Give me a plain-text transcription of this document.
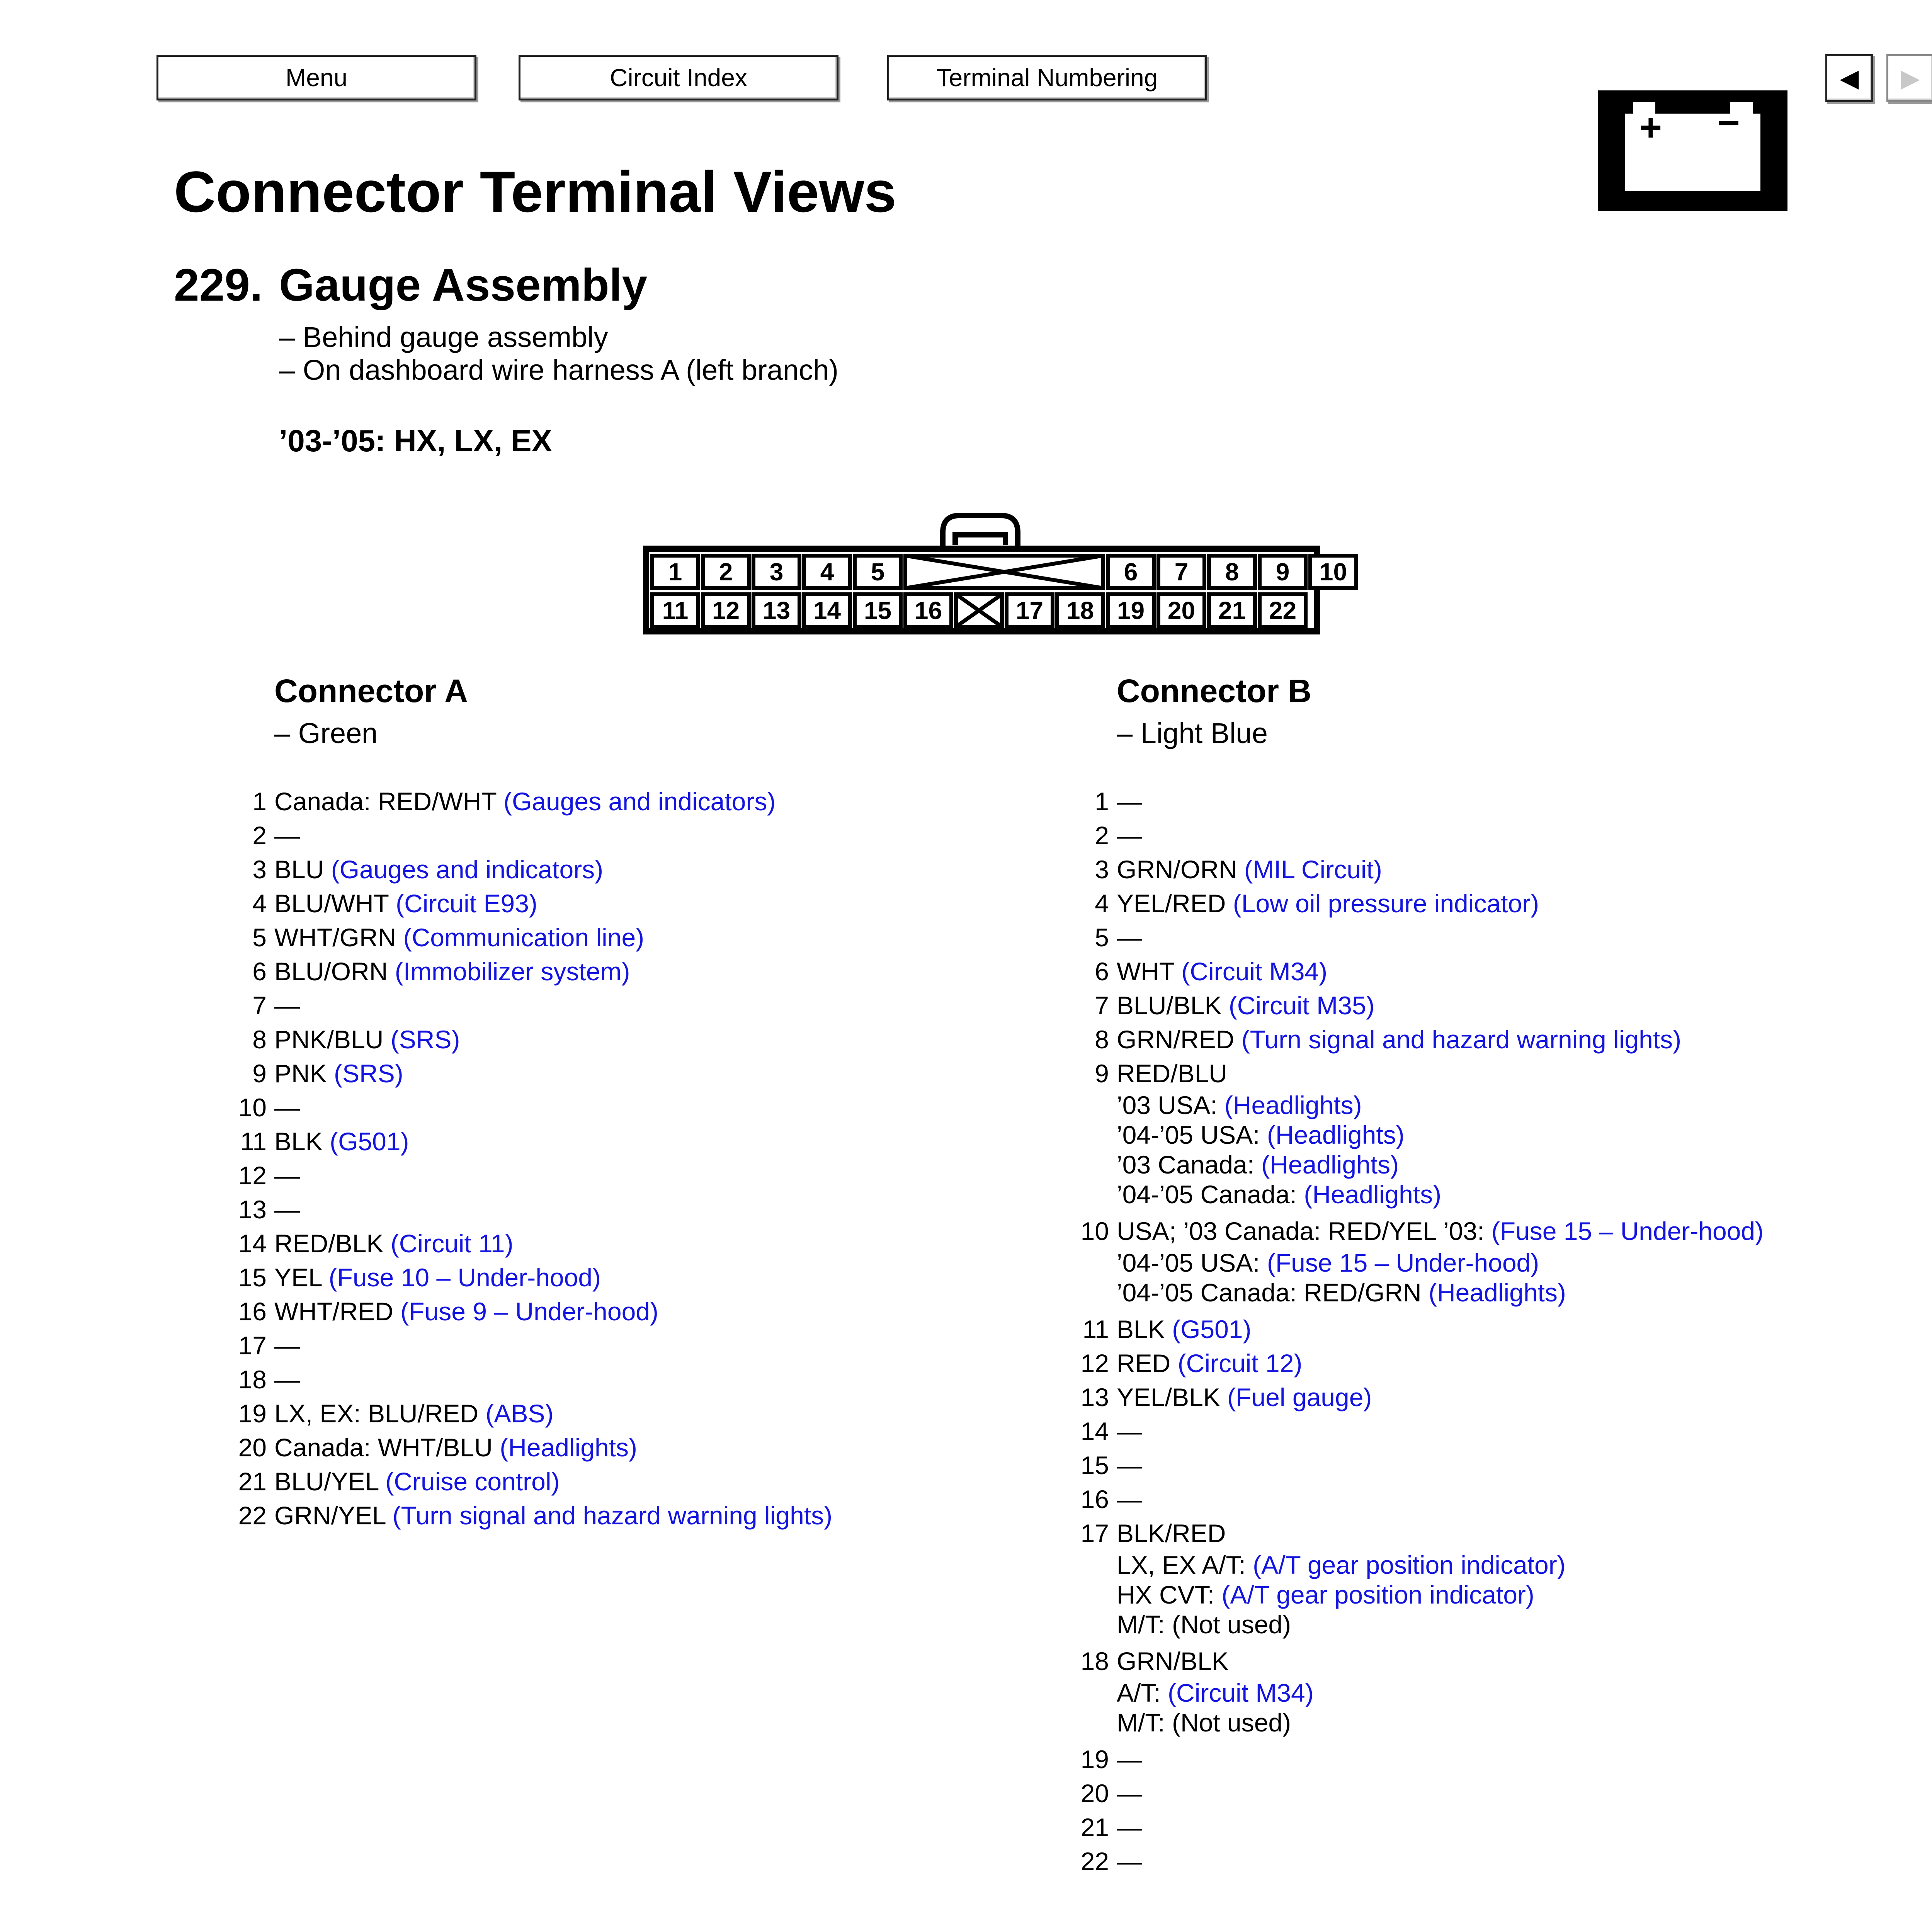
Menu	Circuit Index	Terminal Numbering	◀ ▶
+ −
Connector Terminal Views
229. Gauge Assembly
– Behind gauge assembly
– On dashboard wire harness A (left branch)
’03-’05: HX, LX, EX
1 2 3 4 5	6 7 8 9 10
11 12 13 14 15 16	17 18 19 20 21 22
Connector A
– Green
1 Canada: RED/WHT (Gauges and indicators)
2 —
3 BLU (Gauges and indicators)
4 BLU/WHT (Circuit E93)
5 WHT/GRN (Communication line)
6 BLU/ORN (Immobilizer system)
7 —
8 PNK/BLU (SRS)
9 PNK (SRS)
10 —
11 BLK (G501)
12 —
13 —
14 RED/BLK (Circuit 11)
15 YEL (Fuse 10 – Under-hood)
16 WHT/RED (Fuse 9 – Under-hood)
17 —
18 —
19 LX, EX: BLU/RED (ABS)
20 Canada: WHT/BLU (Headlights)
21 BLU/YEL (Cruise control)
22 GRN/YEL (Turn signal and hazard warning lights)
Connector B
– Light Blue
1 —
2 —
3 GRN/ORN (MIL Circuit)
4 YEL/RED (Low oil pressure indicator)
5 —
6 WHT (Circuit M34)
7 BLU/BLK (Circuit M35)
8 GRN/RED (Turn signal and hazard warning lights)
9 RED/BLU
’03 USA: (Headlights)
’04-’05 USA: (Headlights)
’03 Canada: (Headlights)
’04-’05 Canada: (Headlights)
10 USA; ’03 Canada: RED/YEL ’03: (Fuse 15 – Under-hood)
’04-’05 USA: (Fuse 15 – Under-hood)
’04-’05 Canada: RED/GRN (Headlights)
11 BLK (G501)
12 RED (Circuit 12)
13 YEL/BLK (Fuel gauge)
14 —
15 —
16 —
17 BLK/RED
LX, EX A/T: (A/T gear position indicator)
HX CVT: (A/T gear position indicator)
M/T: (Not used)
18 GRN/BLK
A/T: (Circuit M34)
M/T: (Not used)
19 —
20 —
21 —
22 —
